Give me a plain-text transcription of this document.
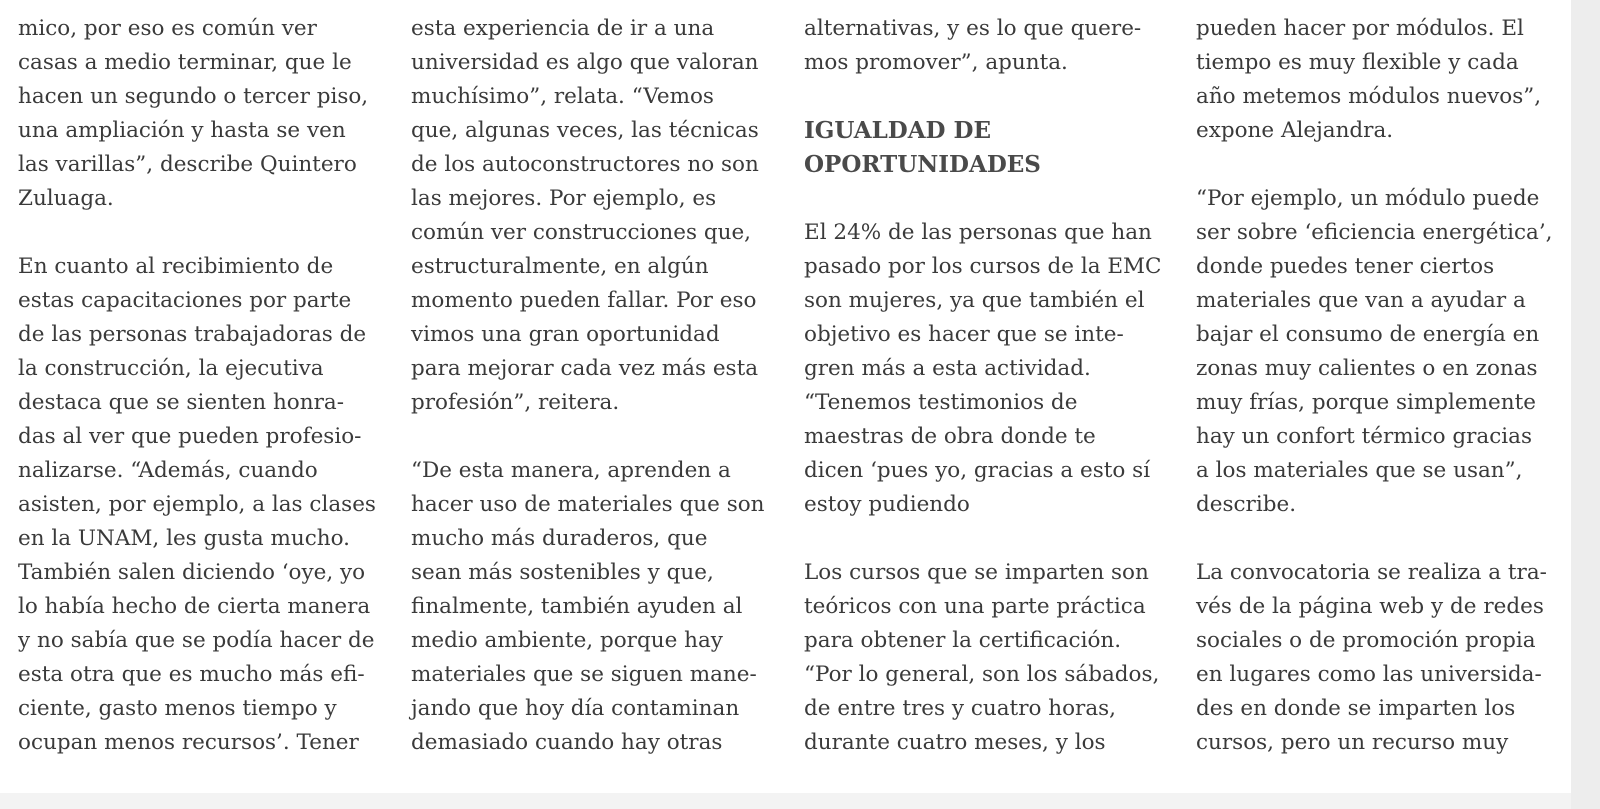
mico, por eso es común ver
casas a medio terminar, que le
hacen un segundo o tercer piso,
una ampliación y hasta se ven
las varillas”, describe Quintero
Zuluaga.
En cuanto al recibimiento de
estas capacitaciones por parte
de las personas trabajadoras de
la construcción, la ejecutiva
destaca que se sienten honra-
das al ver que pueden profesio-
nalizarse. “Además, cuando
asisten, por ejemplo, a las clases
en la UNAM, les gusta mucho.
También salen diciendo ‘oye, yo
lo había hecho de cierta manera
y no sabía que se podía hacer de
esta otra que es mucho más efi-
ciente, gasto menos tiempo y
ocupan menos recursos’. Tener
esta experiencia de ir a una
universidad es algo que valoran
muchísimo”, relata. “Vemos
que, algunas veces, las técnicas
de los autoconstructores no son
las mejores. Por ejemplo, es
común ver construcciones que,
estructuralmente, en algún
momento pueden fallar. Por eso
vimos una gran oportunidad
para mejorar cada vez más esta
profesión”, reitera.
“De esta manera, aprenden a
hacer uso de materiales que son
mucho más duraderos, que
sean más sostenibles y que,
finalmente, también ayuden al
medio ambiente, porque hay
materiales que se siguen mane-
jando que hoy día contaminan
demasiado cuando hay otras
alternativas, y es lo que quere-
mos promover”, apunta.
IGUALDAD DE
OPORTUNIDADES
El 24% de las personas que han
pasado por los cursos de la EMC
son mujeres, ya que también el
objetivo es hacer que se inte-
gren más a esta actividad.
“Tenemos testimonios de
maestras de obra donde te
dicen ‘pues yo, gracias a esto sí
estoy pudiendo
Los cursos que se imparten son
teóricos con una parte práctica
para obtener la certificación.
“Por lo general, son los sábados,
de entre tres y cuatro horas,
durante cuatro meses, y los
pueden hacer por módulos. El
tiempo es muy flexible y cada
año metemos módulos nuevos”,
expone Alejandra.
“Por ejemplo, un módulo puede
ser sobre ‘eficiencia energética’,
donde puedes tener ciertos
materiales que van a ayudar a
bajar el consumo de energía en
zonas muy calientes o en zonas
muy frías, porque simplemente
hay un confort térmico gracias
a los materiales que se usan”,
describe.
La convocatoria se realiza a tra-
vés de la página web y de redes
sociales o de promoción propia
en lugares como las universida-
des en donde se imparten los
cursos, pero un recurso muy
